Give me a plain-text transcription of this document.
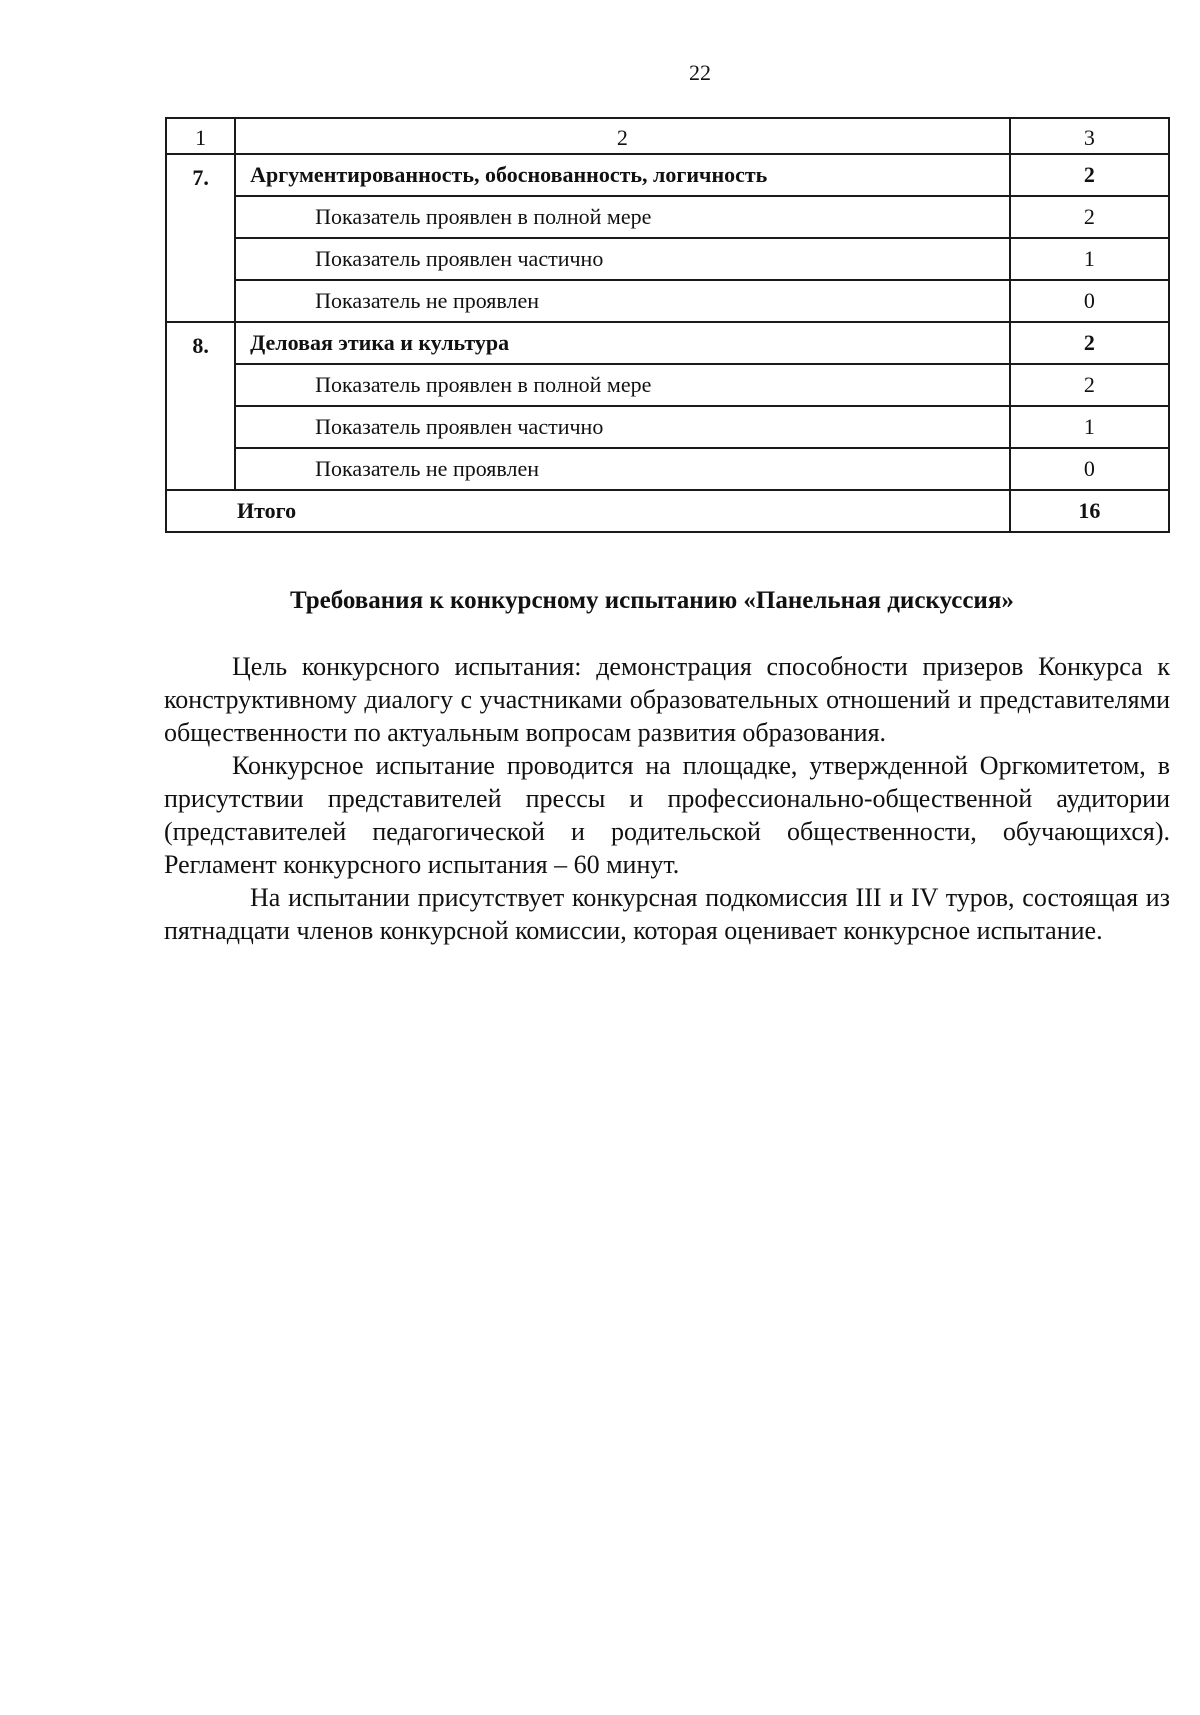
22
1	2	3
7.	Аргументированность, обоснованность, логичность	2
	Показатель проявлен в полной мере	2
	Показатель проявлен частично	1
	Показатель не проявлен	0
8.	Деловая этика и культура	2
	Показатель проявлен в полной мере	2
	Показатель проявлен частично	1
	Показатель не проявлен	0
Итого		16
Требования к конкурсному испытанию «Панельная дискуссия»

Цель конкурсного испытания: демонстрация способности призеров Конкурса к конструктивному диалогу с участниками образовательных отношений и представителями общественности по актуальным вопросам развития образования.

Конкурсное испытание проводится на площадке, утвержденной Оргкомитетом, в присутствии представителей прессы и профессионально-общественной аудитории (представителей педагогической и родительской общественности, обучающихся). Регламент конкурсного испытания – 60 минут.

На испытании присутствует конкурсная подкомиссия III и IV туров, состоящая из пятнадцати членов конкурсной комиссии, которая оценивает конкурсное испытание.
